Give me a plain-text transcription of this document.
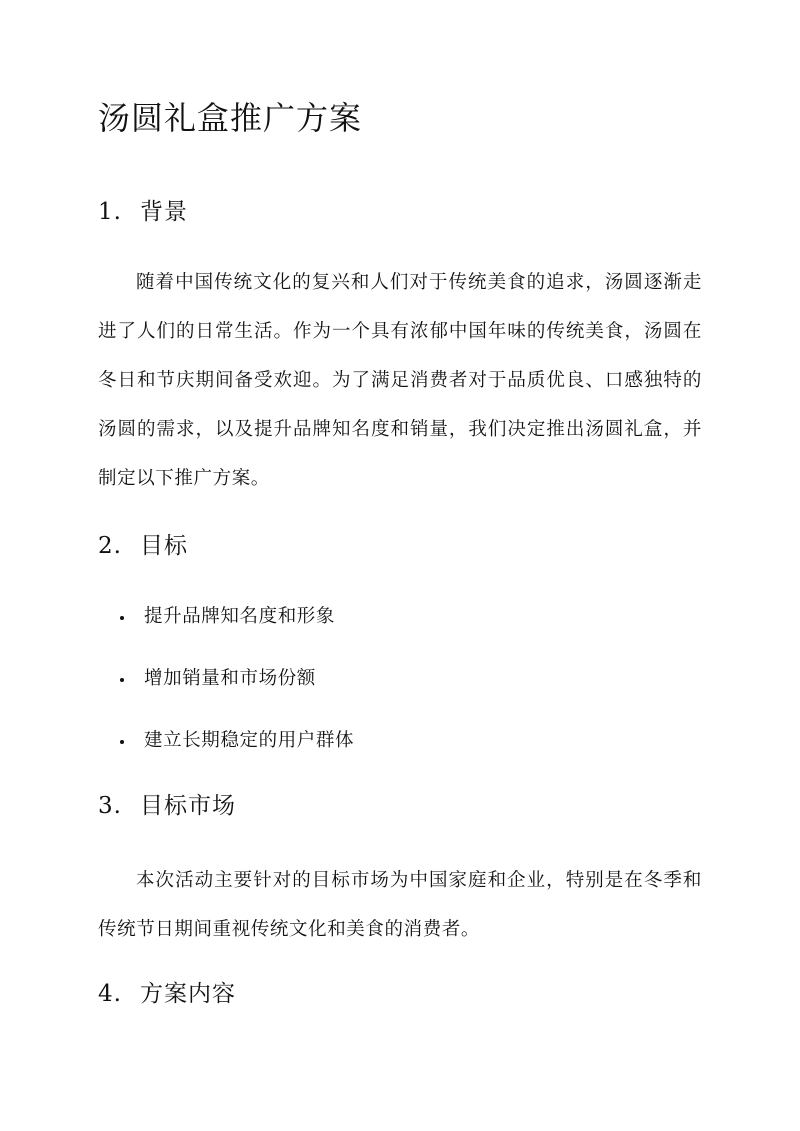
汤圆礼盒推广方案
1. 背景

随着中国传统文化的复兴和人们对于传统美食的追求，汤圆逐渐走进了人们的日常生活。作为一个具有浓郁中国年味的传统美食，汤圆在冬日和节庆期间备受欢迎。为了满足消费者对于品质优良、口感独特的汤圆的需求，以及提升品牌知名度和销量，我们决定推出汤圆礼盒，并制定以下推广方案。

2. 目标
提升品牌知名度和形象
增加销量和市场份额
建立长期稳定的用户群体
3. 目标市场

本次活动主要针对的目标市场为中国家庭和企业，特别是在冬季和传统节日期间重视传统文化和美食的消费者。

4. 方案内容
